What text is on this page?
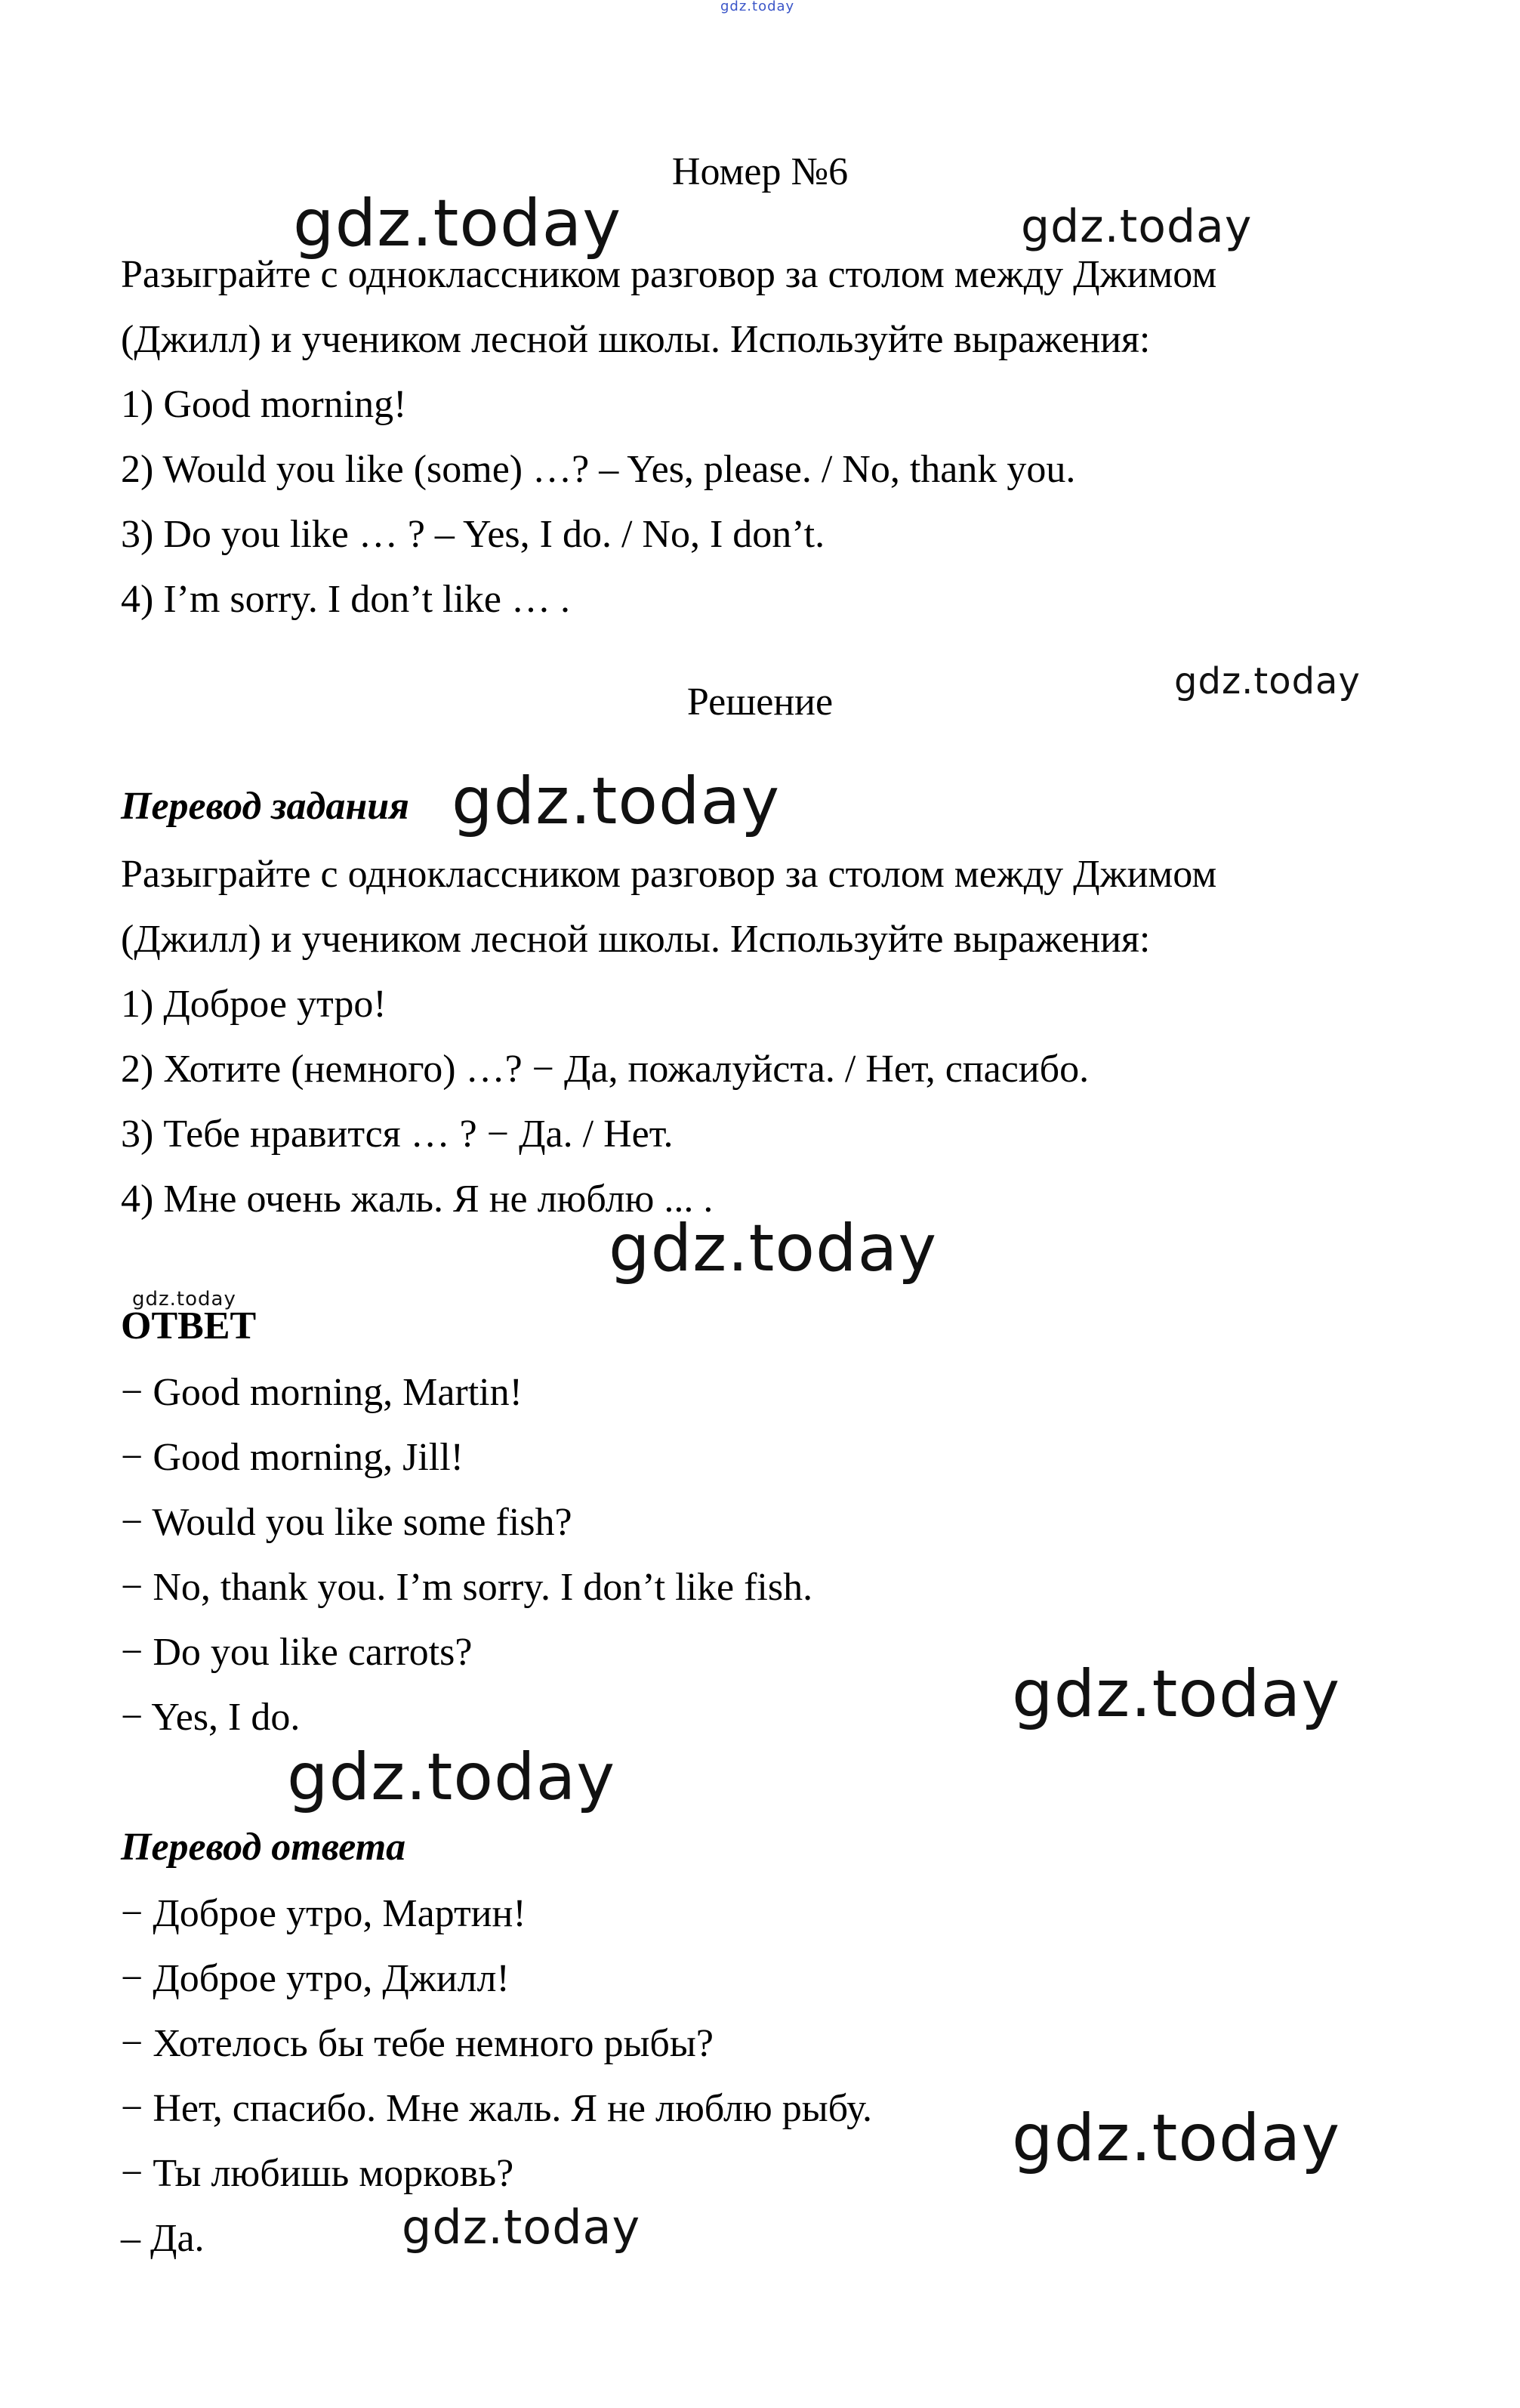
gdz.today
gdz.today	gdz.today
gdz.today
gdz.today
gdz.today
gdz.today
gdz.today
gdz.today
gdz.today
gdz.today
Номер №6
Разыграйте с одноклассником разговор за столом между Джимом
(Джилл) и учеником лесной школы. Используйте выражения:
1) Good morning!
2) Would you like (some) …? – Yes, please. / No, thank you.
3) Do you like … ? – Yes, I do. / No, I don’t.
4) I’m sorry. I don’t like … .
Решение
Перевод задания
Разыграйте с одноклассником разговор за столом между Джимом
(Джилл) и учеником лесной школы. Используйте выражения:
1) Доброе утро!
2) Хотите (немного) …? − Да, пожалуйста. / Нет, спасибо.
3) Тебе нравится … ? − Да. / Нет.
4) Мне очень жаль. Я не люблю ... .
ОТВЕТ
− Good morning, Martin!
− Good morning, Jill!
− Would you like some fish?
− No, thank you. I’m sorry. I don’t like fish.
− Do you like carrots?
− Yes, I do.
Перевод ответа
− Доброе утро, Мартин!
− Доброе утро, Джилл!
− Хотелось бы тебе немного рыбы?
− Нет, спасибо. Мне жаль. Я не люблю рыбу.
− Ты любишь морковь?
– Да.
